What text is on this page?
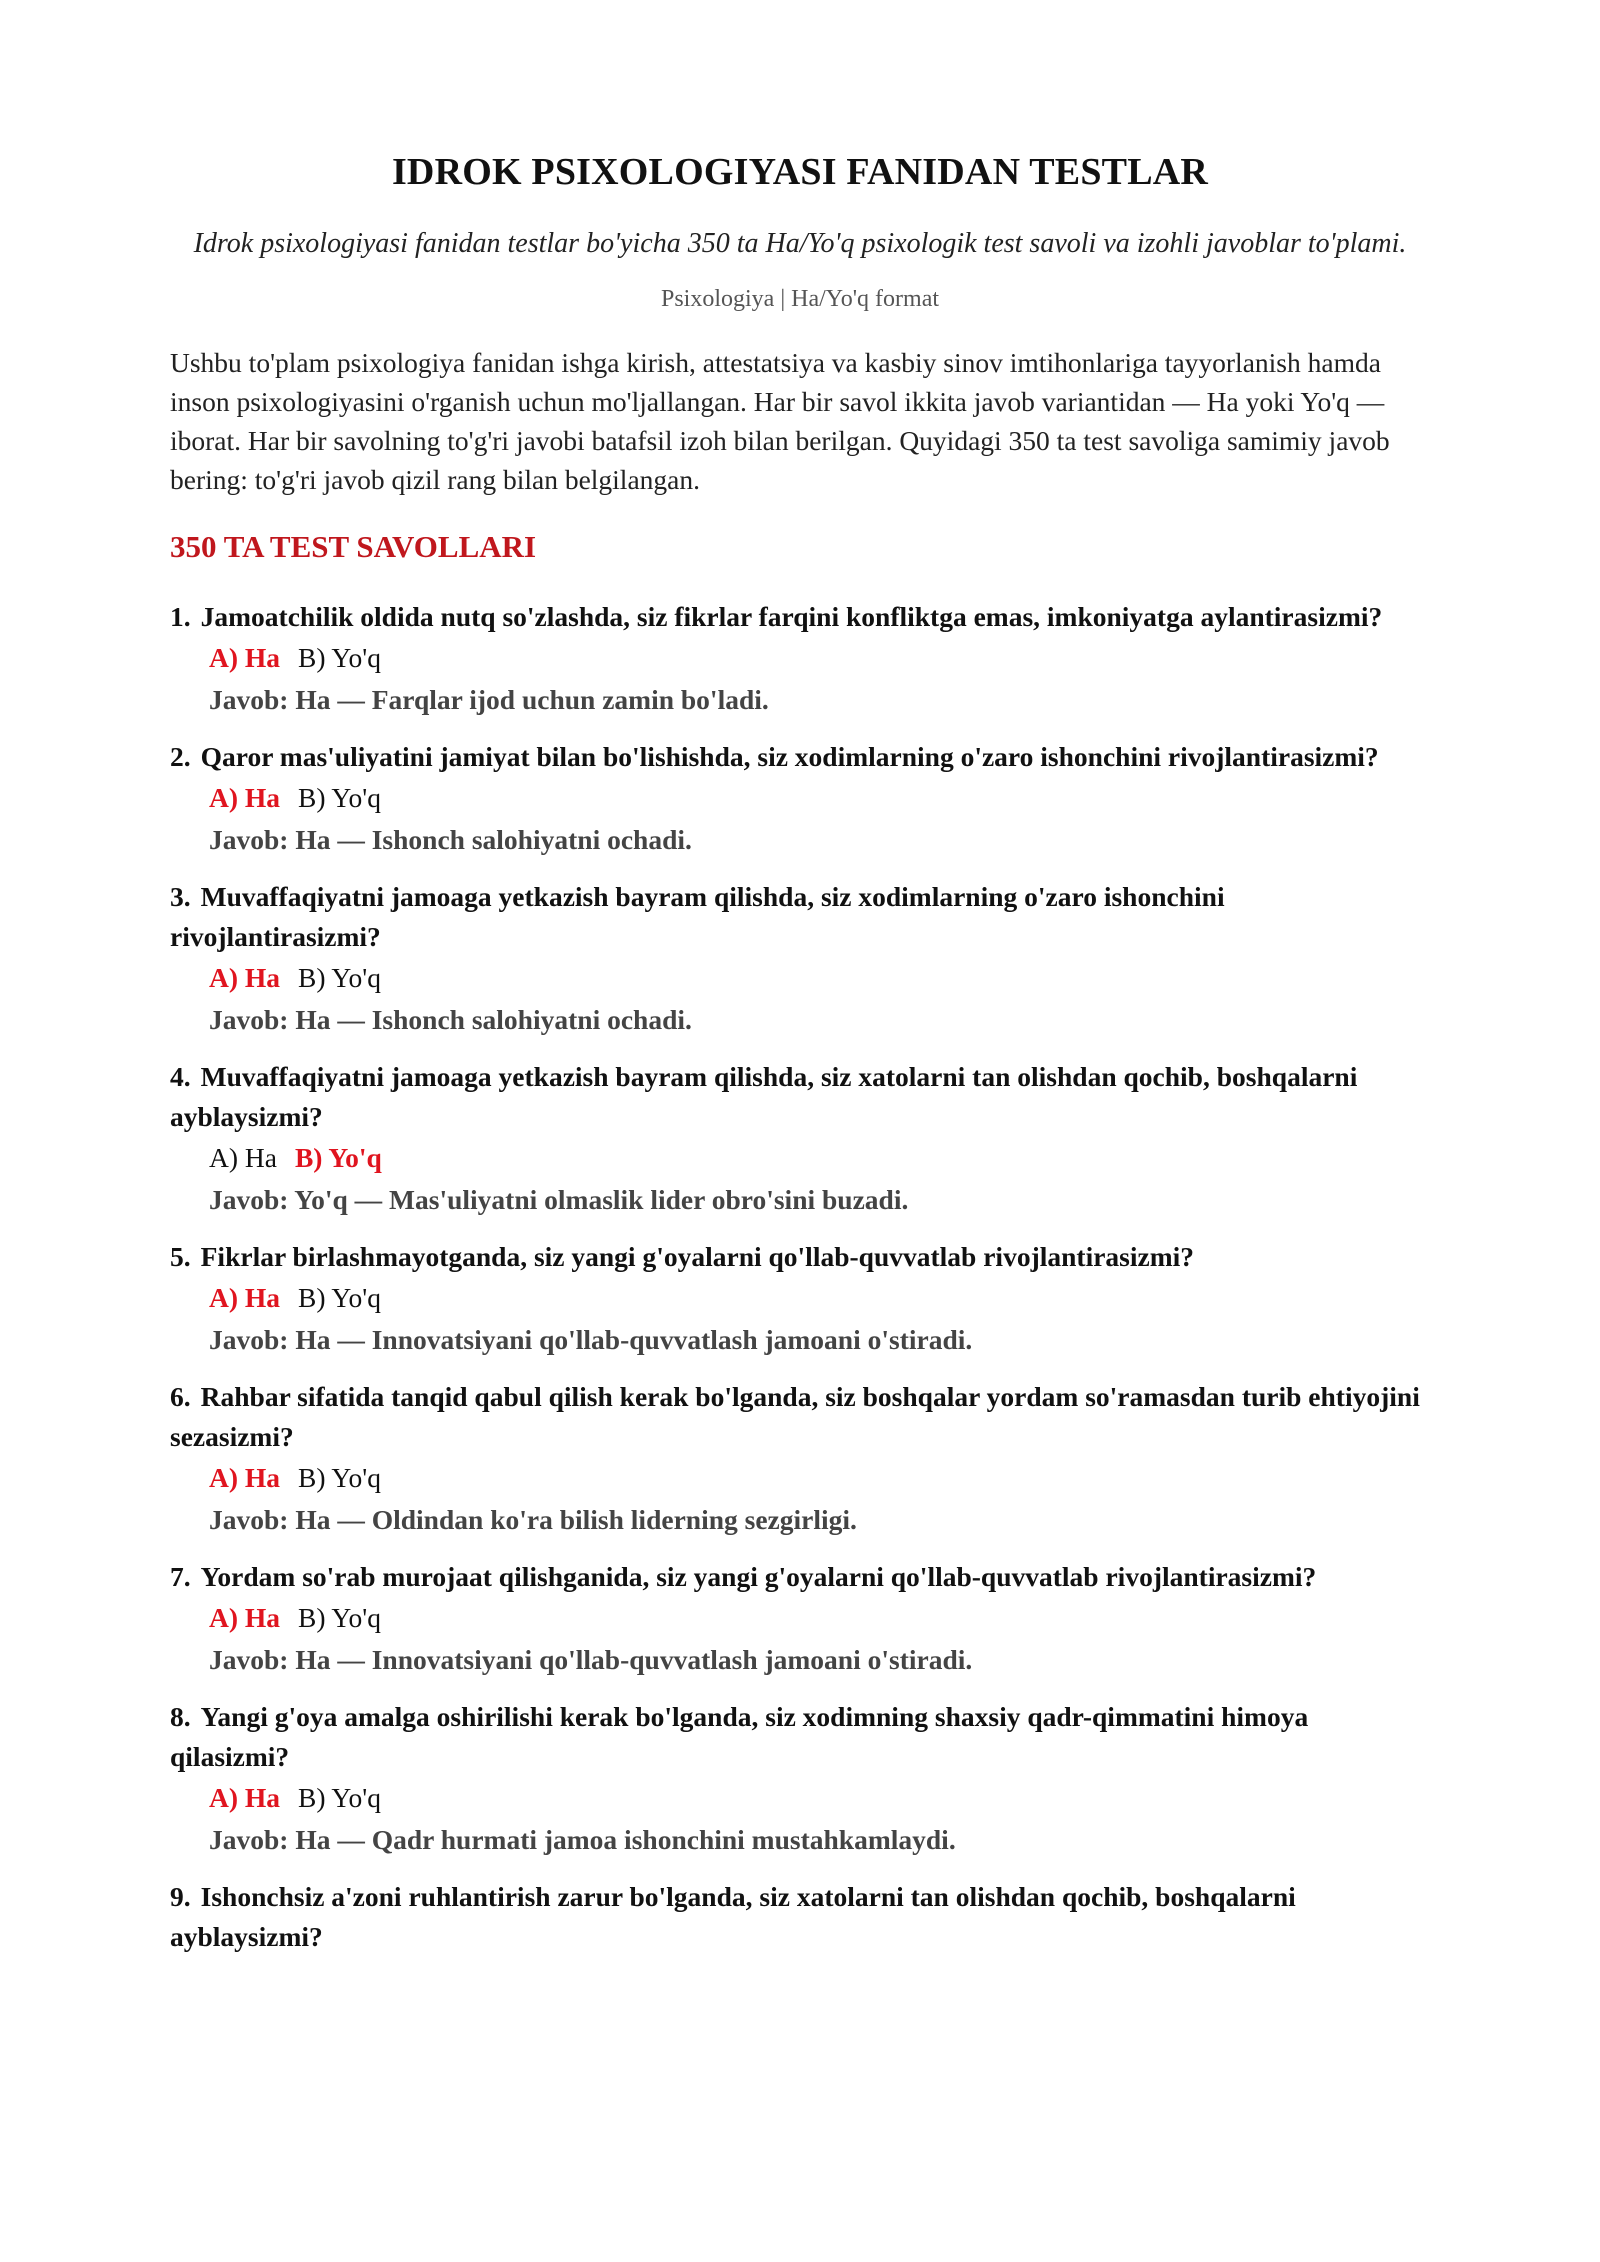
IDROK PSIXOLOGIYASI FANIDAN TESTLAR
Idrok psixologiyasi fanidan testlar bo'yicha 350 ta Ha/Yo'q psixologik test savoli va izohli javoblar to'plami.
Psixologiya | Ha/Yo'q format
Ushbu to'plam psixologiya fanidan ishga kirish, attestatsiya va kasbiy sinov imtihonlariga tayyorlanish hamda inson psixologiyasini o'rganish uchun mo'ljallangan. Har bir savol ikkita javob variantidan — Ha yoki Yo'q — iborat. Har bir savolning to'g'ri javobi batafsil izoh bilan berilgan. Quyidagi 350 ta test savoliga samimiy javob bering: to'g'ri javob qizil rang bilan belgilangan.
350 TA TEST SAVOLLARI
1. Jamoatchilik oldida nutq so'zlashda, siz fikrlar farqini konfliktga emas, imkoniyatga aylantirasizmi?
A) Ha B) Yo'q
Javob: Ha — Farqlar ijod uchun zamin bo'ladi.
2. Qaror mas'uliyatini jamiyat bilan bo'lishishda, siz xodimlarning o'zaro ishonchini rivojlantirasizmi?
A) Ha B) Yo'q
Javob: Ha — Ishonch salohiyatni ochadi.
3. Muvaffaqiyatni jamoaga yetkazish bayram qilishda, siz xodimlarning o'zaro ishonchini rivojlantirasizmi?
A) Ha B) Yo'q
Javob: Ha — Ishonch salohiyatni ochadi.
4. Muvaffaqiyatni jamoaga yetkazish bayram qilishda, siz xatolarni tan olishdan qochib, boshqalarni ayblaysizmi?
A) Ha B) Yo'q
Javob: Yo'q — Mas'uliyatni olmaslik lider obro'sini buzadi.
5. Fikrlar birlashmayotganda, siz yangi g'oyalarni qo'llab-quvvatlab rivojlantirasizmi?
A) Ha B) Yo'q
Javob: Ha — Innovatsiyani qo'llab-quvvatlash jamoani o'stiradi.
6. Rahbar sifatida tanqid qabul qilish kerak bo'lganda, siz boshqalar yordam so'ramasdan turib ehtiyojini sezasizmi?
A) Ha B) Yo'q
Javob: Ha — Oldindan ko'ra bilish liderning sezgirligi.
7. Yordam so'rab murojaat qilishganida, siz yangi g'oyalarni qo'llab-quvvatlab rivojlantirasizmi?
A) Ha B) Yo'q
Javob: Ha — Innovatsiyani qo'llab-quvvatlash jamoani o'stiradi.
8. Yangi g'oya amalga oshirilishi kerak bo'lganda, siz xodimning shaxsiy qadr-qimmatini himoya qilasizmi?
A) Ha B) Yo'q
Javob: Ha — Qadr hurmati jamoa ishonchini mustahkamlaydi.
9. Ishonchsiz a'zoni ruhlantirish zarur bo'lganda, siz xatolarni tan olishdan qochib, boshqalarni ayblaysizmi?
